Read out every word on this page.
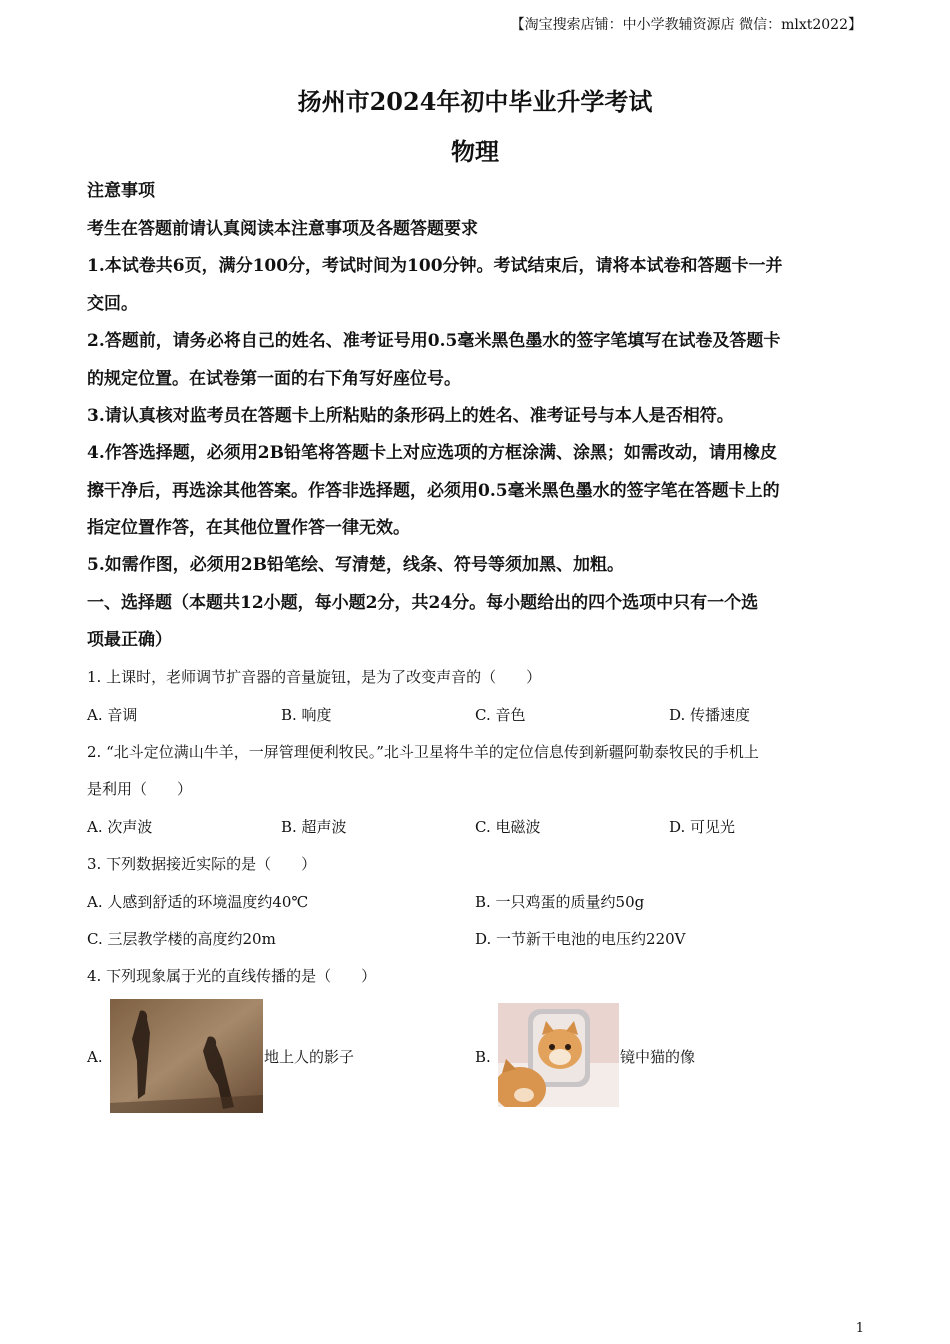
【淘宝搜索店铺：中小学教辅资源店 微信：mlxt2022】
扬州市2024年初中毕业升学考试
物理
注意事项
考生在答题前请认真阅读本注意事项及各题答题要求
1.本试卷共6页，满分100分，考试时间为100分钟。考试结束后，请将本试卷和答题卡一并
交回。
2.答题前，请务必将自己的姓名、准考证号用0.5毫米黑色墨水的签字笔填写在试卷及答题卡
的规定位置。在试卷第一面的右下角写好座位号。
3.请认真核对监考员在答题卡上所粘贴的条形码上的姓名、准考证号与本人是否相符。
4.作答选择题，必须用2B铅笔将答题卡上对应选项的方框涂满、涂黑；如需改动，请用橡皮
擦干净后，再选涂其他答案。作答非选择题，必须用0.5毫米黑色墨水的签字笔在答题卡上的
指定位置作答，在其他位置作答一律无效。
5.如需作图，必须用2B铅笔绘、写清楚，线条、符号等须加黑、加粗。
一、选择题（本题共12小题，每小题2分，共24分。每小题给出的四个选项中只有一个选
项最正确）
1. 上课时，老师调节扩音器的音量旋钮，是为了改变声音的（　　）
A. 音调	B. 响度	C. 音色	D. 传播速度
2. “北斗定位满山牛羊，一屏管理便利牧民。”北斗卫星将牛羊的定位信息传到新疆阿勒泰牧民的手机上
是利用（　　）
A. 次声波	B. 超声波	C. 电磁波	D. 可见光
3. 下列数据接近实际的是（　　）
A. 人感到舒适的环境温度约40℃	B. 一只鸡蛋的质量约50g
C. 三层教学楼的高度约20m	D. 一节新干电池的电压约220V
4. 下列现象属于光的直线传播的是（　　）
A.	地上人的影子	B.	镜中猫的像
1
